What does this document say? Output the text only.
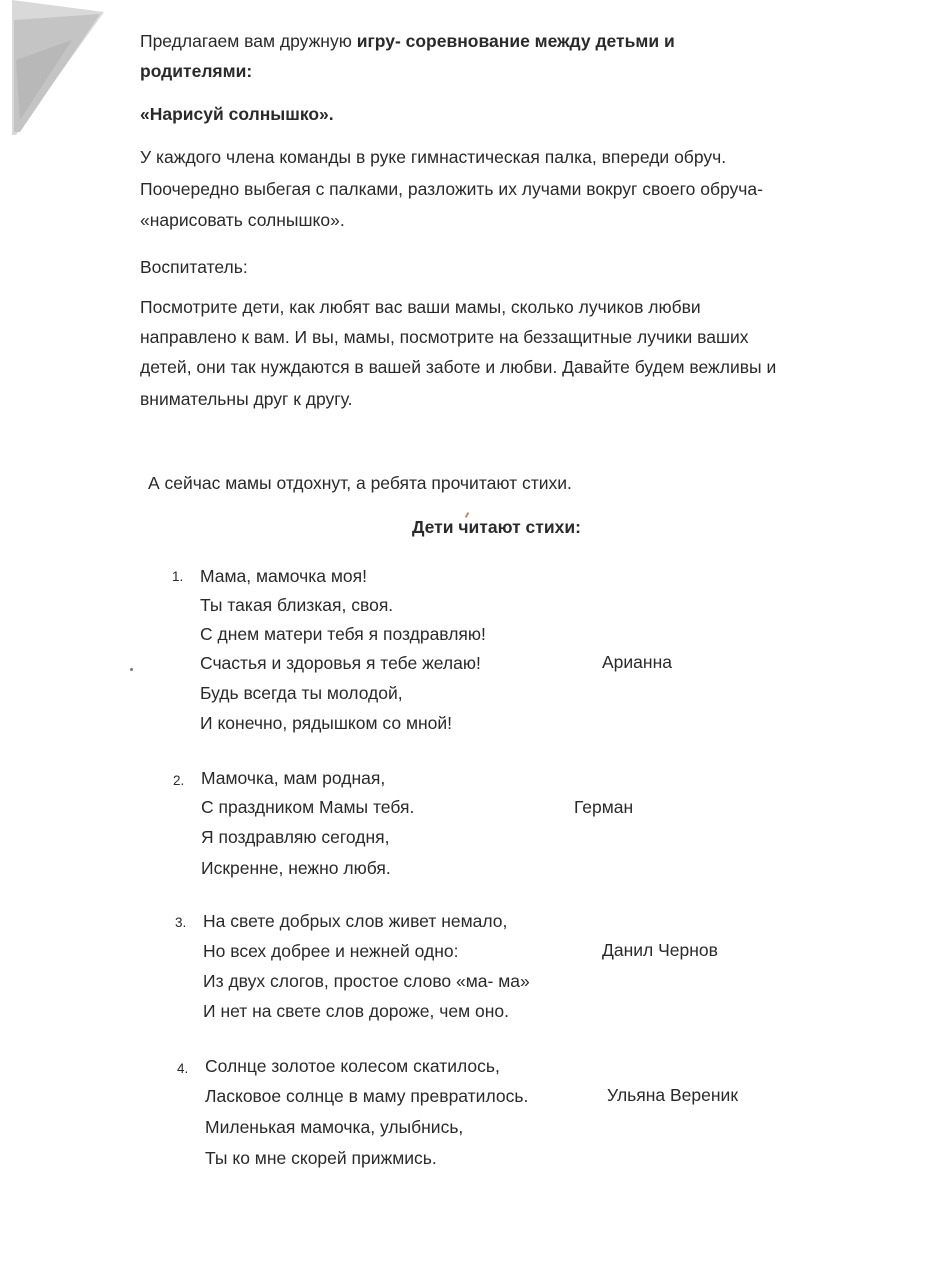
Предлагаем вам дружную игру- соревнование между детьми и
родителями:
«Нарисуй солнышко».
У каждого члена команды в руке гимнастическая палка, впереди обруч.
Поочередно выбегая с палками, разложить их лучами вокруг своего обруча-
«нарисовать солнышко».
Воспитатель:
Посмотрите дети, как любят вас ваши мамы, сколько лучиков любви
направлено к вам. И вы, мамы, посмотрите на беззащитные лучики ваших
детей, они так нуждаются в вашей заботе и любви. Давайте будем вежливы и
внимательны друг к другу.
А сейчас мамы отдохнут, а ребята прочитают стихи.
Дети читают стихи:
1. Мама, мамочка моя!
Ты такая близкая, своя.
С днем матери тебя я поздравляю!
Счастья и здоровья я тебе желаю!
Будь всегда ты молодой,
И конечно, рядышком со мной!
Арианна
2. Мамочка, мам родная,
С праздником Мамы тебя.
Я поздравляю сегодня,
Искренне, нежно любя.
Герман
3. На свете добрых слов живет немало,
Но всех добрее и нежней одно:
Из двух слогов, простое слово «ма- ма»
И нет на свете слов дороже, чем оно.
Данил Чернов
4. Солнце золотое колесом скатилось,
Ласковое солнце в маму превратилось.
Миленькая мамочка, улыбнись,
Ты ко мне скорей прижмись.
Ульяна Вереник
